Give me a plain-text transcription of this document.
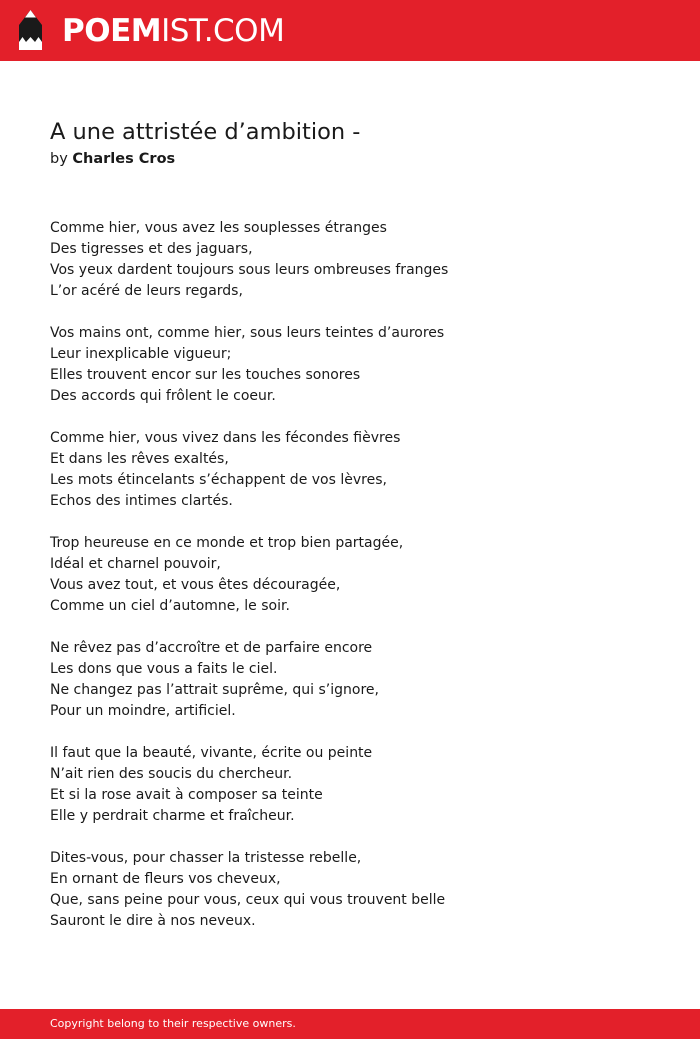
POEMIST.COM
A une attristée d’ambition -
by Charles Cros
Comme hier, vous avez les souplesses étranges
Des tigresses et des jaguars,
Vos yeux dardent toujours sous leurs ombreuses franges
L’or acéré de leurs regards,
Vos mains ont, comme hier, sous leurs teintes d’aurores
Leur inexplicable vigueur;
Elles trouvent encor sur les touches sonores
Des accords qui frôlent le coeur.
Comme hier, vous vivez dans les fécondes fièvres
Et dans les rêves exaltés,
Les mots étincelants s’échappent de vos lèvres,
Echos des intimes clartés.
Trop heureuse en ce monde et trop bien partagée,
Idéal et charnel pouvoir,
Vous avez tout, et vous êtes découragée,
Comme un ciel d’automne, le soir.
Ne rêvez pas d’accroître et de parfaire encore
Les dons que vous a faits le ciel.
Ne changez pas l’attrait suprême, qui s’ignore,
Pour un moindre, artificiel.
Il faut que la beauté, vivante, écrite ou peinte
N’ait rien des soucis du chercheur.
Et si la rose avait à composer sa teinte
Elle y perdrait charme et fraîcheur.
Dites-vous, pour chasser la tristesse rebelle,
En ornant de fleurs vos cheveux,
Que, sans peine pour vous, ceux qui vous trouvent belle
Sauront le dire à nos neveux.
Copyright belong to their respective owners.
